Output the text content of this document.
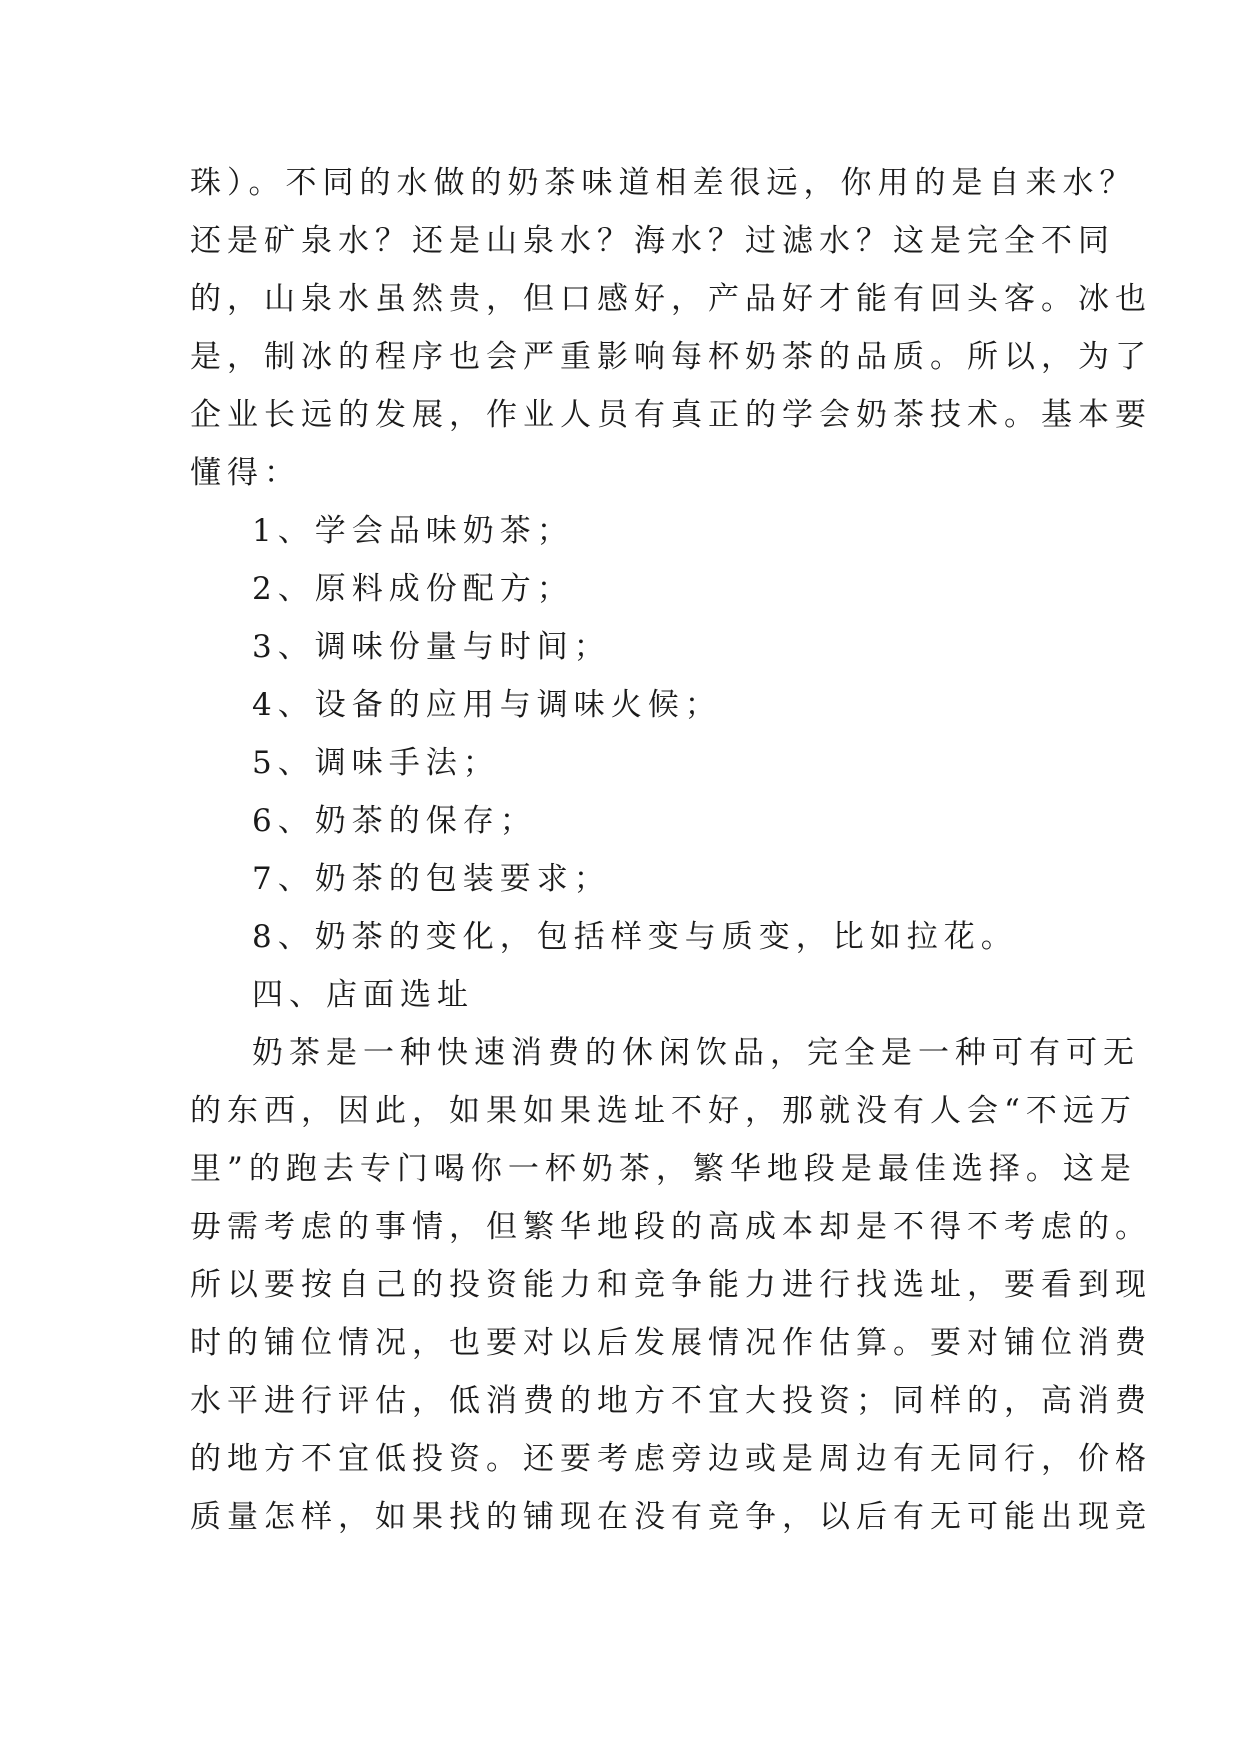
珠）。不同的水做的奶茶味道相差很远，你用的是自来水？
还是矿泉水？还是山泉水？海水？过滤水？这是完全不同
的，山泉水虽然贵，但口感好，产品好才能有回头客。冰也
是，制冰的程序也会严重影响每杯奶茶的品质。所以，为了
企业长远的发展，作业人员有真正的学会奶茶技术。基本要
懂得：
1、学会品味奶茶；
2、原料成份配方；
3、调味份量与时间；
4、设备的应用与调味火候；
5、调味手法；
6、奶茶的保存；
7、奶茶的包装要求；
8、奶茶的变化，包括样变与质变，比如拉花。
四、店面选址
奶茶是一种快速消费的休闲饮品，完全是一种可有可无
的东西，因此，如果如果选址不好，那就没有人会“不远万
里”的跑去专门喝你一杯奶茶，繁华地段是最佳选择。这是
毋需考虑的事情，但繁华地段的高成本却是不得不考虑的。
所以要按自己的投资能力和竞争能力进行找选址，要看到现
时的铺位情况，也要对以后发展情况作估算。要对铺位消费
水平进行评估，低消费的地方不宜大投资；同样的，高消费
的地方不宜低投资。还要考虑旁边或是周边有无同行，价格
质量怎样，如果找的铺现在没有竞争，以后有无可能出现竞
